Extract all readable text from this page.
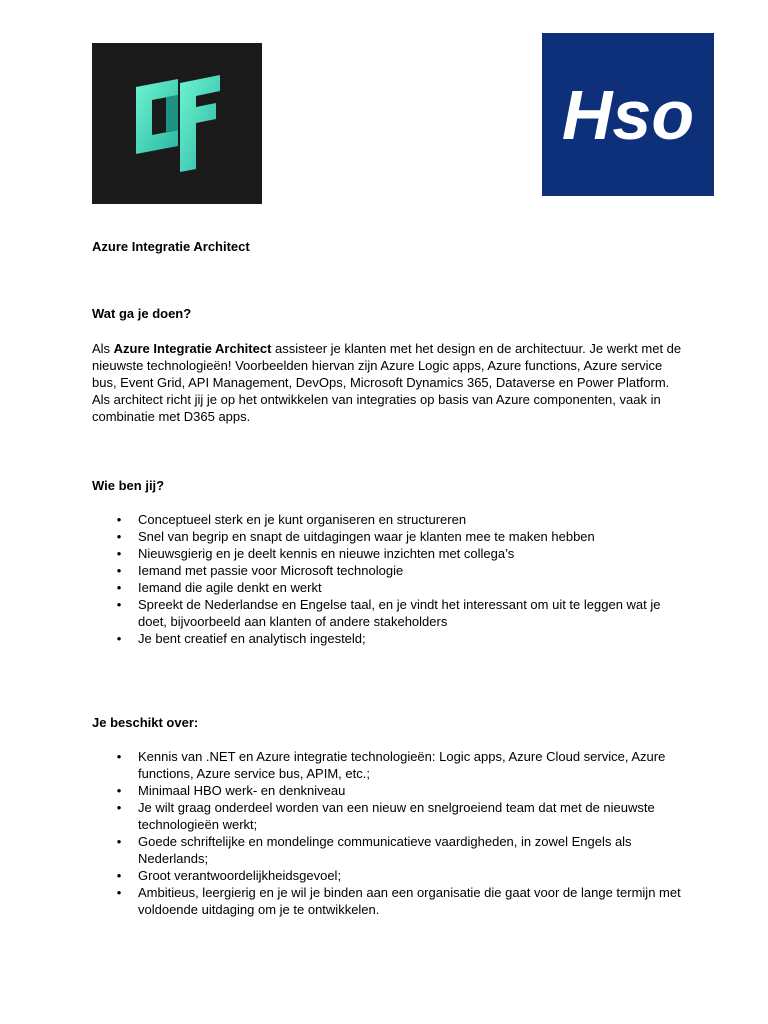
Hso

Azure Integratie Architect

Wat ga je doen?

Als Azure Integratie Architect assisteer je klanten met het design en de architectuur. Je werkt met de nieuwste technologieën! Voorbeelden hiervan zijn Azure Logic apps, Azure functions, Azure service bus, Event Grid, API Management, DevOps, Microsoft Dynamics 365, Dataverse en Power Platform. Als architect richt jij je op het ontwikkelen van integraties op basis van Azure componenten, vaak in combinatie met D365 apps.

Wie ben jij?

• Conceptueel sterk en je kunt organiseren en structureren
• Snel van begrip en snapt de uitdagingen waar je klanten mee te maken hebben
• Nieuwsgierig en je deelt kennis en nieuwe inzichten met collega’s
• Iemand met passie voor Microsoft technologie
• Iemand die agile denkt en werkt
• Spreekt de Nederlandse en Engelse taal, en je vindt het interessant om uit te leggen wat je doet, bijvoorbeeld aan klanten of andere stakeholders
• Je bent creatief en analytisch ingesteld;

Je beschikt over:

• Kennis van .NET en Azure integratie technologieën: Logic apps, Azure Cloud service, Azure functions, Azure service bus, APIM, etc.;
• Minimaal HBO werk- en denkniveau
• Je wilt graag onderdeel worden van een nieuw en snelgroeiend team dat met de nieuwste technologieën werkt;
• Goede schriftelijke en mondelinge communicatieve vaardigheden, in zowel Engels als Nederlands;
• Groot verantwoordelijkheidsgevoel;
• Ambitieus, leergierig en je wil je binden aan een organisatie die gaat voor de lange termijn met voldoende uitdaging om je te ontwikkelen.
